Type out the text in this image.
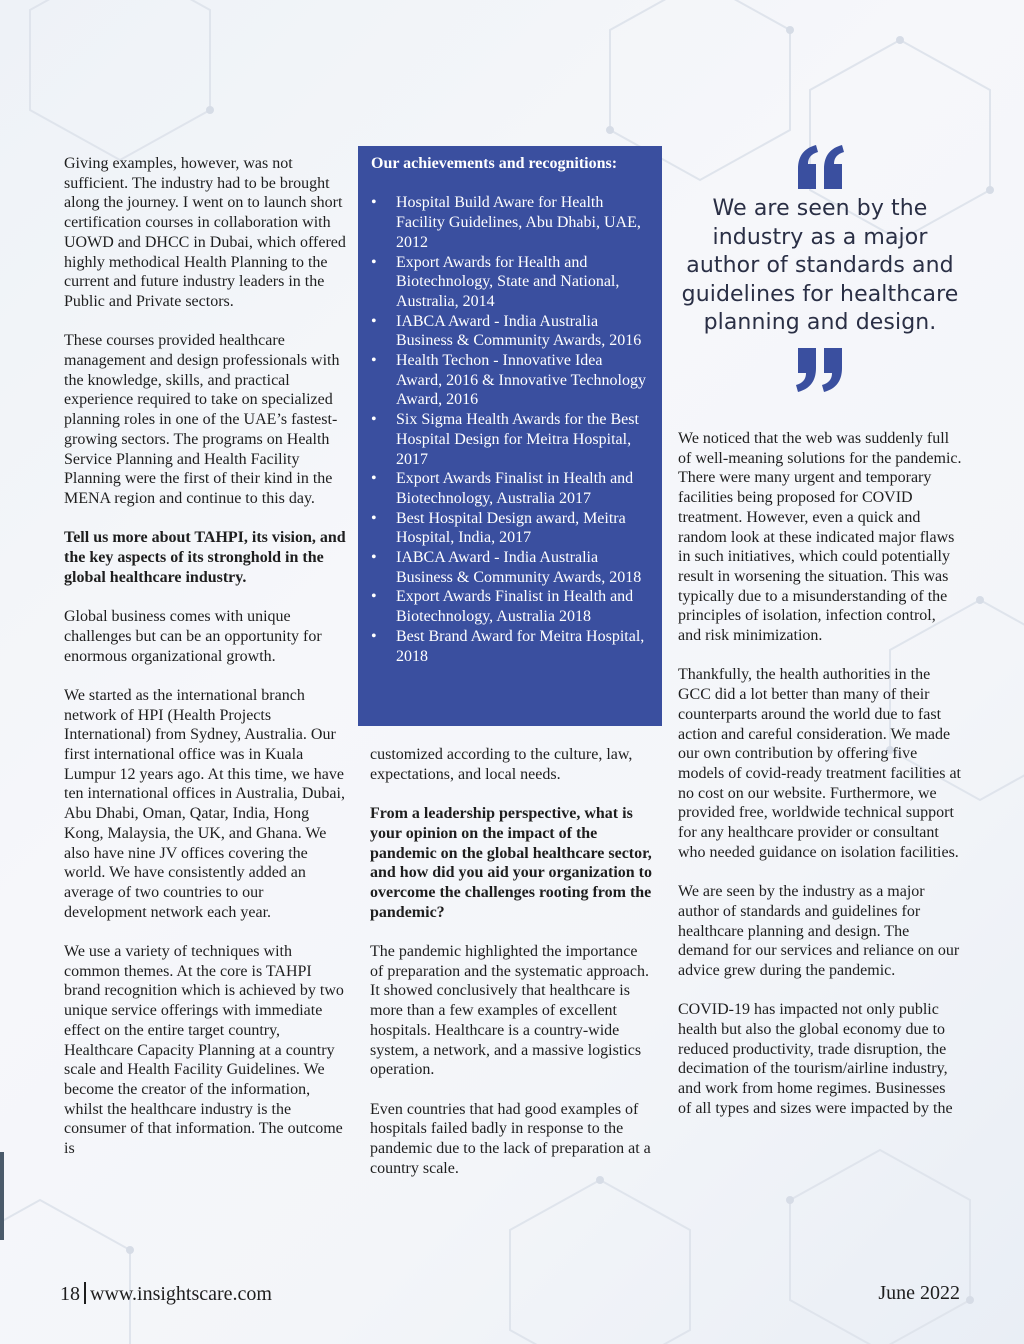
Giving examples, however, was not sufficient. The industry had to be brought along the journey. I went on to launch short certification courses in collaboration with UOWD and DHCC in Dubai, which offered highly methodical Health Planning to the current and future industry leaders in the Public and Private sectors.

These courses provided healthcare management and design professionals with the knowledge, skills, and practical experience required to take on specialized planning roles in one of the UAE’s fastest-growing sectors. The programs on Health Service Planning and Health Facility Planning were the first of their kind in the MENA region and continue to this day.

Tell us more about TAHPI, its vision, and the key aspects of its stronghold in the global healthcare industry.

Global business comes with unique challenges but can be an opportunity for enormous organizational growth.

We started as the international branch network of HPI (Health Projects International) from Sydney, Australia. Our first international office was in Kuala Lumpur 12 years ago. At this time, we have ten international offices in Australia, Dubai, Abu Dhabi, Oman, Qatar, India, Hong Kong, Malaysia, the UK, and Ghana. We also have nine JV offices covering the world. We have consistently added an average of two countries to our development network each year.

We use a variety of techniques with common themes. At the core is TAHPI brand recognition which is achieved by two unique service offerings with immediate effect on the entire target country, Healthcare Capacity Planning at a country scale and Health Facility Guidelines. We become the creator of the information, whilst the healthcare industry is the consumer of that information. The outcome is

Our achievements and recognitions:
• Hospital Build Aware for Health Facility Guidelines, Abu Dhabi, UAE, 2012
• Export Awards for Health and Biotechnology, State and National, Australia, 2014
• IABCA Award - India Australia Business & Community Awards, 2016
• Health Techon - Innovative Idea Award, 2016 & Innovative Technology Award, 2016
• Six Sigma Health Awards for the Best Hospital Design for Meitra Hospital, 2017
• Export Awards Finalist in Health and Biotechnology, Australia 2017
• Best Hospital Design award, Meitra Hospital, India, 2017
• IABCA Award - India Australia Business & Community Awards, 2018
• Export Awards Finalist in Health and Biotechnology, Australia 2018
• Best Brand Award for Meitra Hospital, 2018

customized according to the culture, law, expectations, and local needs.

From a leadership perspective, what is your opinion on the impact of the pandemic on the global healthcare sector, and how did you aid your organization to overcome the challenges rooting from the pandemic?

The pandemic highlighted the importance of preparation and the systematic approach. It showed conclusively that healthcare is more than a few examples of excellent hospitals. Healthcare is a country-wide system, a network, and a massive logistics operation.

Even countries that had good examples of hospitals failed badly in response to the pandemic due to the lack of preparation at a country scale.

We are seen by the industry as a major author of standards and guidelines for healthcare planning and design.

We noticed that the web was suddenly full of well-meaning solutions for the pandemic. There were many urgent and temporary facilities being proposed for COVID treatment. However, even a quick and random look at these indicated major flaws in such initiatives, which could potentially result in worsening the situation. This was typically due to a misunderstanding of the principles of isolation, infection control, and risk minimization.

Thankfully, the health authorities in the GCC did a lot better than many of their counterparts around the world due to fast action and careful consideration. We made our own contribution by offering five models of covid-ready treatment facilities at no cost on our website. Furthermore, we provided free, worldwide technical support for any healthcare provider or consultant who needed guidance on isolation facilities.

We are seen by the industry as a major author of standards and guidelines for healthcare planning and design. The demand for our services and reliance on our advice grew during the pandemic.

COVID-19 has impacted not only public health but also the global economy due to reduced productivity, trade disruption, the decimation of the tourism/airline industry, and work from home regimes. Businesses of all types and sizes were impacted by the

18 www.insightscare.com	June 2022
